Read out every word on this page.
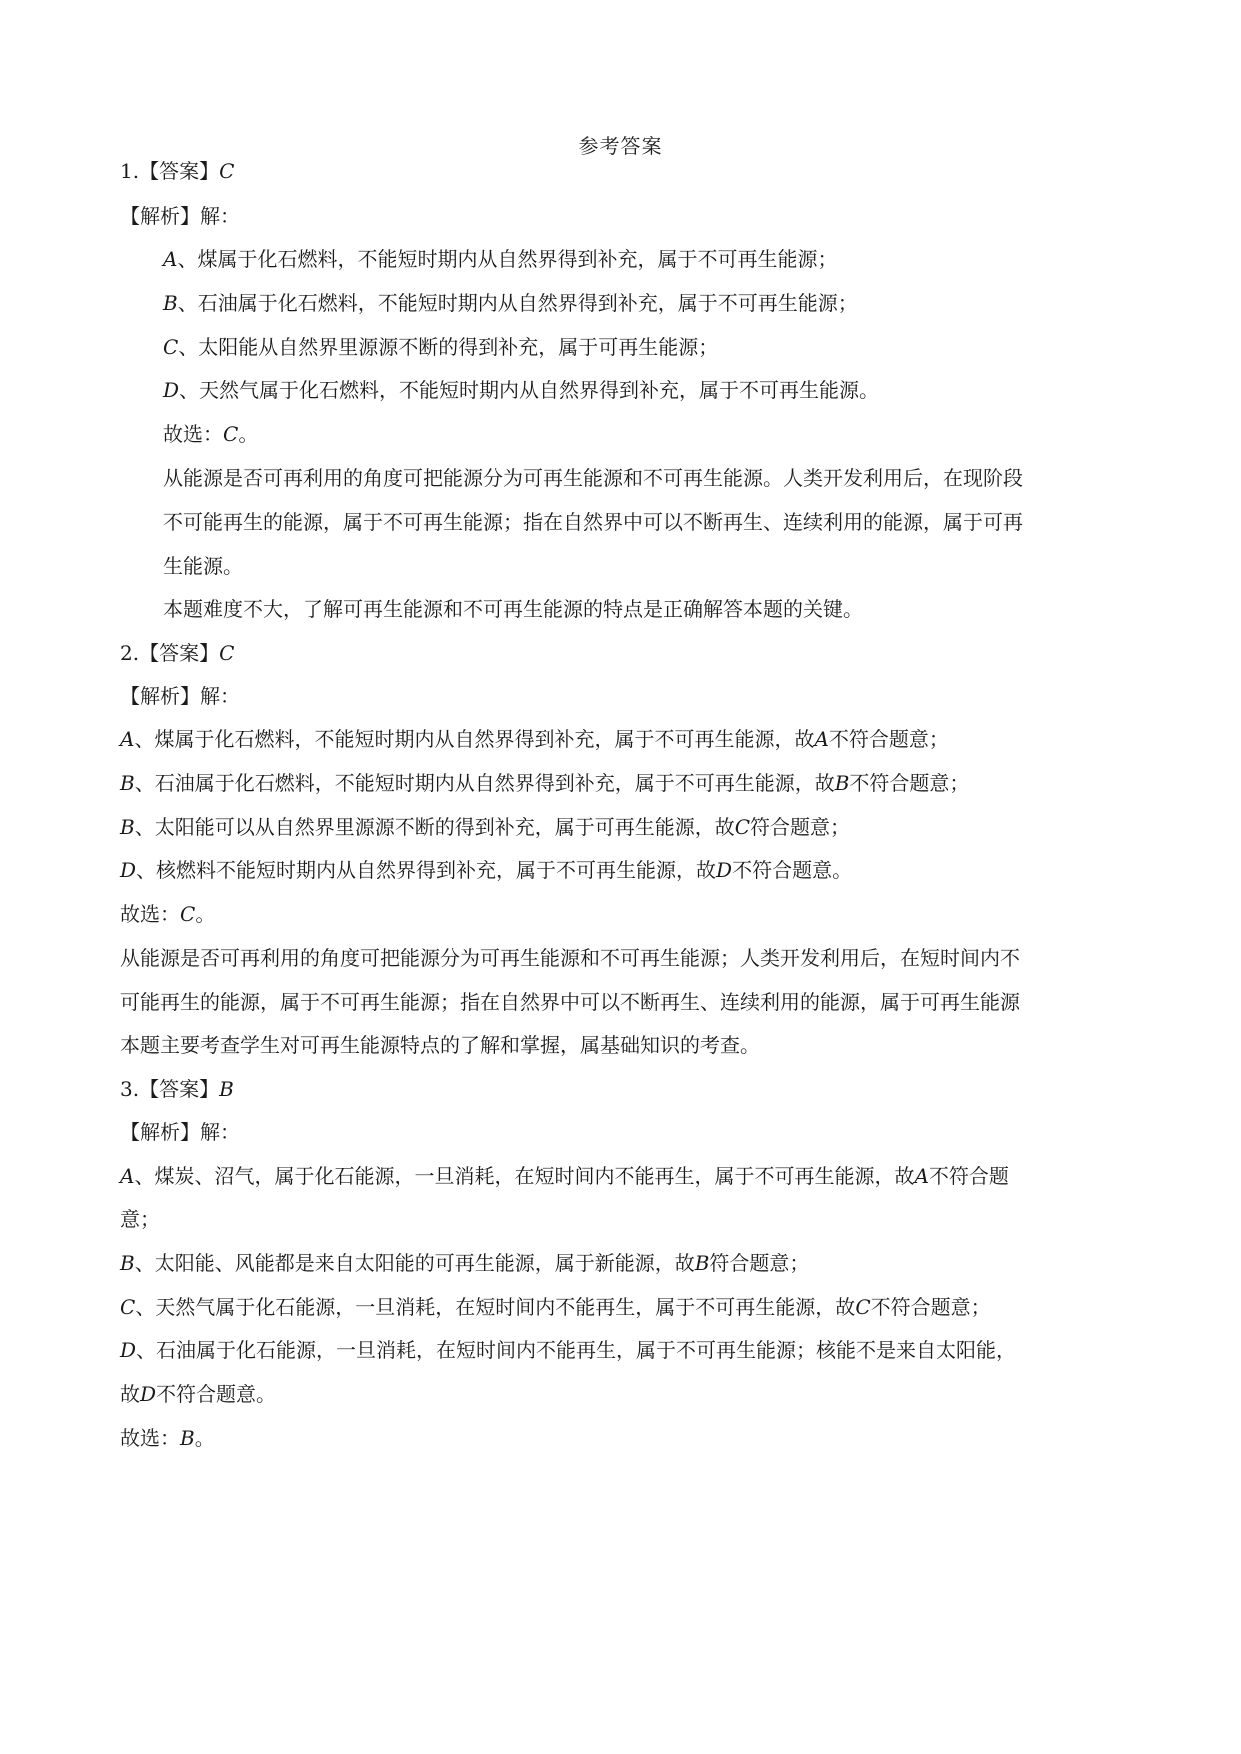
参考答案
1.【答案】C
【解析】解：
A、煤属于化石燃料，不能短时期内从自然界得到补充，属于不可再生能源；
B、石油属于化石燃料，不能短时期内从自然界得到补充，属于不可再生能源；
C、太阳能从自然界里源源不断的得到补充，属于可再生能源；
D、天然气属于化石燃料，不能短时期内从自然界得到补充，属于不可再生能源。
故选：C。
从能源是否可再利用的角度可把能源分为可再生能源和不可再生能源。人类开发利用后，在现阶段
不可能再生的能源，属于不可再生能源；指在自然界中可以不断再生、连续利用的能源，属于可再
生能源。
本题难度不大，了解可再生能源和不可再生能源的特点是正确解答本题的关键。
2.【答案】C
【解析】解：
A、煤属于化石燃料，不能短时期内从自然界得到补充，属于不可再生能源，故A不符合题意；
B、石油属于化石燃料，不能短时期内从自然界得到补充，属于不可再生能源，故B不符合题意；
B、太阳能可以从自然界里源源不断的得到补充，属于可再生能源，故C符合题意；
D、核燃料不能短时期内从自然界得到补充，属于不可再生能源，故D不符合题意。
故选：C。
从能源是否可再利用的角度可把能源分为可再生能源和不可再生能源；人类开发利用后，在短时间内不
可能再生的能源，属于不可再生能源；指在自然界中可以不断再生、连续利用的能源，属于可再生能源
本题主要考查学生对可再生能源特点的了解和掌握，属基础知识的考查。
3.【答案】B
【解析】解：
A、煤炭、沼气，属于化石能源，一旦消耗，在短时间内不能再生，属于不可再生能源，故A不符合题
意；
B、太阳能、风能都是来自太阳能的可再生能源，属于新能源，故B符合题意；
C、天然气属于化石能源，一旦消耗，在短时间内不能再生，属于不可再生能源，故C不符合题意；
D、石油属于化石能源，一旦消耗，在短时间内不能再生，属于不可再生能源；核能不是来自太阳能，
故D不符合题意。
故选：B。
